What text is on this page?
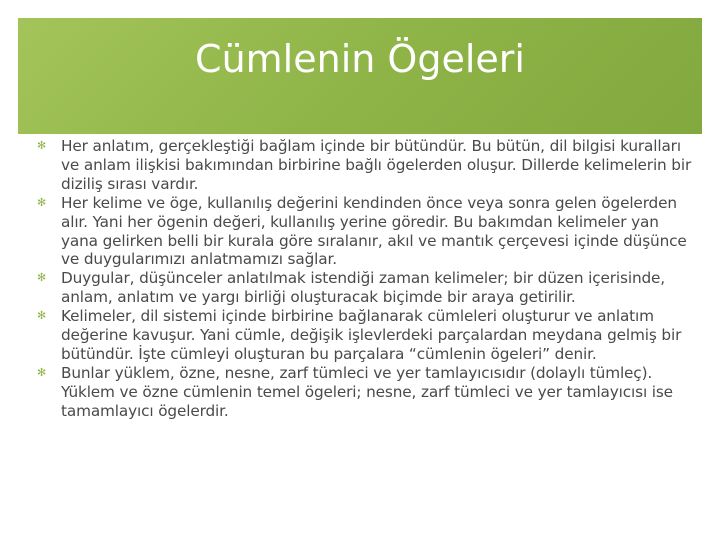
Cümlenin Ögeleri
✻ Her anlatım, gerçekleştiği bağlam içinde bir bütündür. Bu bütün, dil bilgisi kuralları ve anlam ilişkisi bakımından birbirine bağlı ögelerden oluşur. Dillerde kelimelerin bir diziliş sırası vardır.
✻ Her kelime ve öge, kullanılış değerini kendinden önce veya sonra gelen ögelerden alır. Yani her ögenin değeri, kullanılış yerine göredir. Bu bakımdan kelimeler yan yana gelirken belli bir kurala göre sıralanır, akıl ve mantık çerçevesi içinde düşünce ve duygularımızı anlatmamızı sağlar.
✻ Duygular, düşünceler anlatılmak istendiği zaman kelimeler; bir düzen içerisinde, anlam, anlatım ve yargı birliği oluşturacak biçimde bir araya getirilir.
✻ Kelimeler, dil sistemi içinde birbirine bağlanarak cümleleri oluşturur ve anlatım değerine kavuşur. Yani cümle, değişik işlevlerdeki parçalardan meydana gelmiş bir bütündür. İşte cümleyi oluşturan bu parçalara “cümlenin ögeleri” denir.
✻ Bunlar yüklem, özne, nesne, zarf tümleci ve yer tamlayıcısıdır (dolaylı tümleç). Yüklem ve özne cümlenin temel ögeleri; nesne, zarf tümleci ve yer tamlayıcısı ise tamamlayıcı ögelerdir.
